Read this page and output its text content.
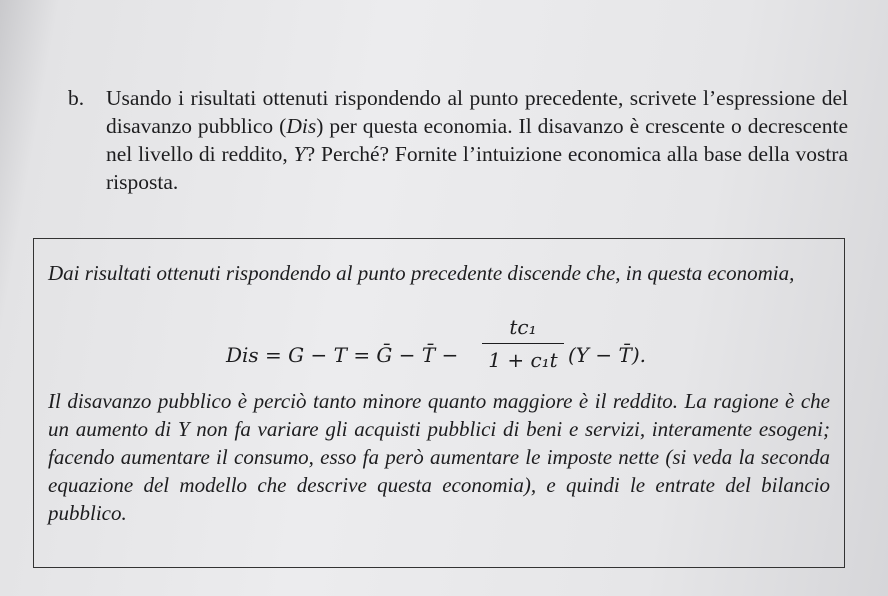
b.	Usando i risultati ottenuti rispondendo al punto precedente, scrivete l’espressione del disavanzo pubblico (Dis) per questa economia. Il disavanzo è crescente o decrescente nel livello di reddito, Y? Perché? Fornite l’intuizione economica alla base della vostra risposta.
Dai risultati ottenuti rispondendo al punto precedente discende che, in questa economia,
Dis = G − T = Ḡ − T̄ −
tc₁
1 + c₁t (Y − T̄).
Il disavanzo pubblico è perciò tanto minore quanto maggiore è il reddito. La ragione è che un aumento di Y non fa variare gli acquisti pubblici di beni e servizi, interamente esogeni; facendo aumentare il consumo, esso fa però aumentare le imposte nette (si veda la seconda equazione del modello che descrive questa economia), e quindi le entrate del bilancio pubblico.
